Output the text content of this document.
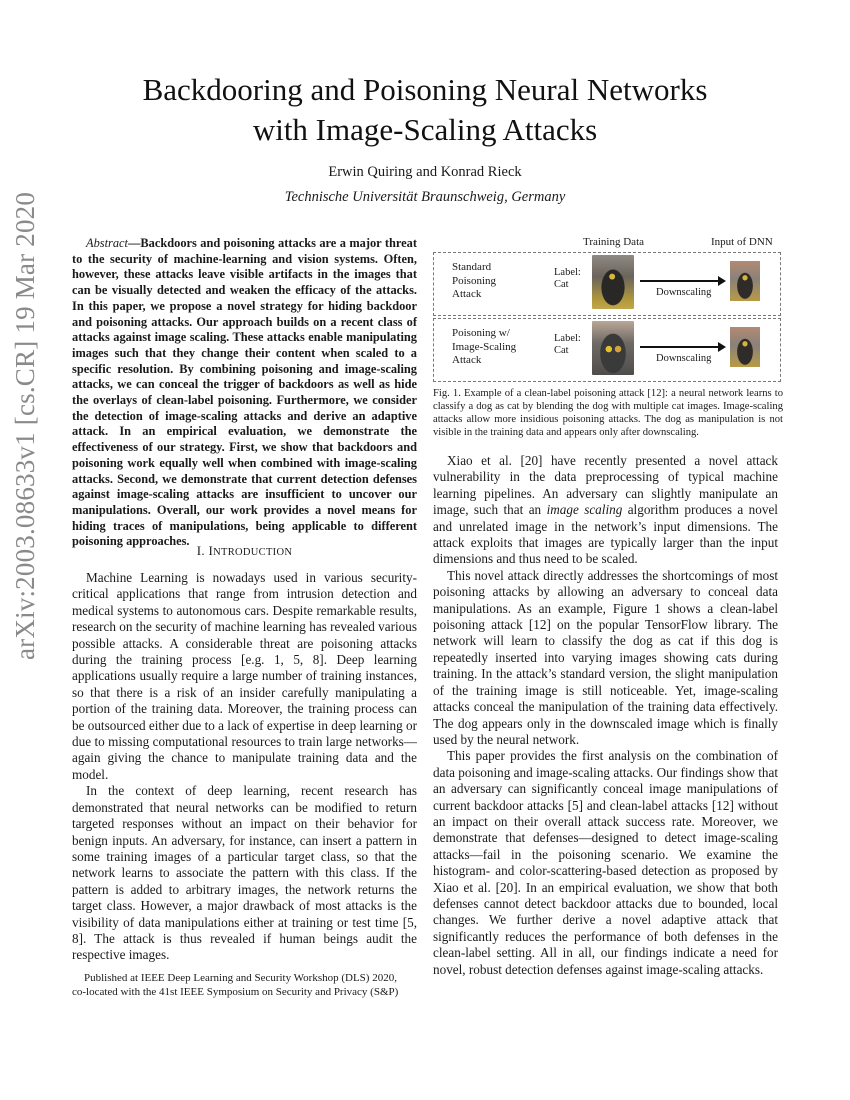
arXiv:2003.08633v1 [cs.CR] 19 Mar 2020
Backdooring and Poisoning Neural Networks
with Image-Scaling Attacks
Erwin Quiring and Konrad Rieck
Technische Universität Braunschweig, Germany

Abstract—Backdoors and poisoning attacks are a major threat to the security of machine-learning and vision systems. Often, however, these attacks leave visible artifacts in the images that can be visually detected and weaken the efficacy of the attacks. In this paper, we propose a novel strategy for hiding backdoor and poisoning attacks. Our approach builds on a recent class of attacks against image scaling. These attacks enable manipulating images such that they change their content when scaled to a specific resolution. By combining poisoning and image-scaling attacks, we can conceal the trigger of backdoors as well as hide the overlays of clean-label poisoning. Furthermore, we consider the detection of image-scaling attacks and derive an adaptive attack. In an empirical evaluation, we demonstrate the effectiveness of our strategy. First, we show that backdoors and poisoning work equally well when combined with image-scaling attacks. Second, we demonstrate that current detection defenses against image-scaling attacks are insufficient to uncover our manipulations. Overall, our work provides a novel means for hiding traces of manipulations, being applicable to different poisoning approaches.

I. INTRODUCTION

Machine Learning is nowadays used in various security-critical applications that range from intrusion detection and medical systems to autonomous cars. Despite remarkable results, research on the security of machine learning has revealed various possible attacks. A considerable threat are poisoning attacks during the training process [e.g. 1, 5, 8]. Deep learning applications usually require a large number of training instances, so that there is a risk of an insider carefully manipulating a portion of the training data. Moreover, the training process can be outsourced either due to a lack of expertise in deep learning or due to missing computational resources to train large networks—again giving the chance to manipulate training data and the model.

In the context of deep learning, recent research has demonstrated that neural networks can be modified to return targeted responses without an impact on their behavior for benign inputs. An adversary, for instance, can insert a pattern in some training images of a particular target class, so that the network learns to associate the pattern with this class. If the pattern is added to arbitrary images, the network returns the target class. However, a major drawback of most attacks is the visibility of data manipulations either at training or test time [5, 8]. The attack is thus revealed if human beings audit the respective images.

Published at IEEE Deep Learning and Security Workshop (DLS) 2020,

co-located with the 41st IEEE Symposium on Security and Privacy (S&P)
Training Data	Input of DNN
Standard
Poisoning
Attack
Label:
Cat
Downscaling
Poisoning w/
Image-Scaling
Attack
Label:
Cat
Downscaling
Fig. 1. Example of a clean-label poisoning attack [12]: a neural network learns to classify a dog as cat by blending the dog with multiple cat images. Image-scaling attacks allow more insidious poisoning attacks. The dog as manipulation is not visible in the training data and appears only after downscaling.

Xiao et al. [20] have recently presented a novel attack vulnerability in the data preprocessing of typical machine learning pipelines. An adversary can slightly manipulate an image, such that an image scaling algorithm produces a novel and unrelated image in the network’s input dimensions. The attack exploits that images are typically larger than the input dimensions and thus need to be scaled.

This novel attack directly addresses the shortcomings of most poisoning attacks by allowing an adversary to conceal data manipulations. As an example, Figure 1 shows a clean-label poisoning attack [12] on the popular TensorFlow library. The network will learn to classify the dog as cat if this dog is repeatedly inserted into varying images showing cats during training. In the attack’s standard version, the slight manipulation of the training image is still noticeable. Yet, image-scaling attacks conceal the manipulation of the training data effectively. The dog appears only in the downscaled image which is finally used by the neural network.

This paper provides the first analysis on the combination of data poisoning and image-scaling attacks. Our findings show that an adversary can significantly conceal image manipulations of current backdoor attacks [5] and clean-label attacks [12] without an impact on their overall attack success rate. Moreover, we demonstrate that defenses—designed to detect image-scaling attacks—fail in the poisoning scenario. We examine the histogram- and color-scattering-based detection as proposed by Xiao et al. [20]. In an empirical evaluation, we show that both defenses cannot detect backdoor attacks due to bounded, local changes. We further derive a novel adaptive attack that significantly reduces the performance of both defenses in the clean-label setting. All in all, our findings indicate a need for novel, robust detection defenses against image-scaling attacks.
